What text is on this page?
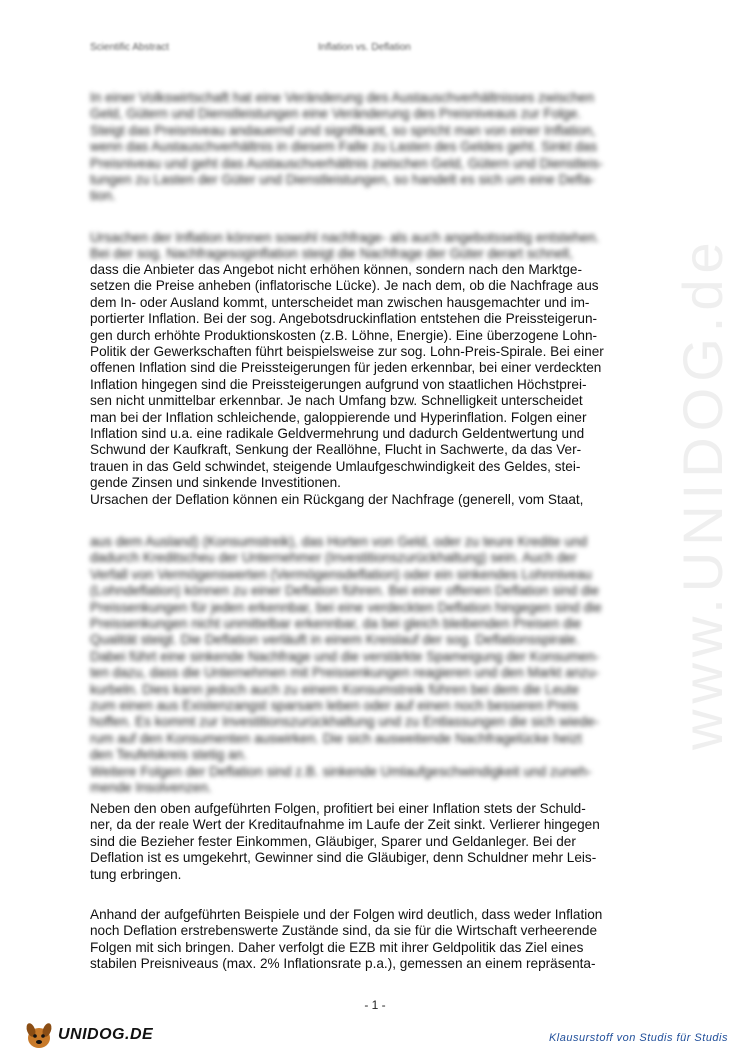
Scientific Abstract	Inflation vs. Deflation
www.UNIDOG.de
In einer Volkswirtschaft hat eine Veränderung des Austauschverhältnisses zwischen
Geld, Gütern und Dienstleistungen eine Veränderung des Preisniveaus zur Folge.
Steigt das Preisniveau andauernd und signifikant, so spricht man von einer Inflation,
wenn das Austauschverhältnis in diesem Falle zu Lasten des Geldes geht. Sinkt das
Preisniveau und geht das Austauschverhältnis zwischen Geld, Gütern und Dienstleis-
tungen zu Lasten der Güter und Dienstleistungen, so handelt es sich um eine Defla-
tion.
Ursachen der Inflation können sowohl nachfrage- als auch angebotsseitig entstehen.
Bei der sog. Nachfragesoginflation steigt die Nachfrage der Güter derart schnell,
dass die Anbieter das Angebot nicht erhöhen können, sondern nach den Marktge-
setzen die Preise anheben (inflatorische Lücke). Je nach dem, ob die Nachfrage aus
dem In- oder Ausland kommt, unterscheidet man zwischen hausgemachter und im-
portierter Inflation. Bei der sog. Angebotsdruckinflation entstehen die Preissteigerun-
gen durch erhöhte Produktionskosten (z.B. Löhne, Energie). Eine überzogene Lohn-
Politik der Gewerkschaften führt beispielsweise zur sog. Lohn-Preis-Spirale. Bei einer
offenen Inflation sind die Preissteigerungen für jeden erkennbar, bei einer verdeckten
Inflation hingegen sind die Preissteigerungen aufgrund von staatlichen Höchstprei-
sen nicht unmittelbar erkennbar. Je nach Umfang bzw. Schnelligkeit unterscheidet
man bei der Inflation schleichende, galoppierende und Hyperinflation. Folgen einer
Inflation sind u.a. eine radikale Geldvermehrung und dadurch Geldentwertung und
Schwund der Kaufkraft, Senkung der Reallöhne, Flucht in Sachwerte, da das Ver-
trauen in das Geld schwindet, steigende Umlaufgeschwindigkeit des Geldes, stei-
gende Zinsen und sinkende Investitionen.
Ursachen der Deflation können ein Rückgang der Nachfrage (generell, vom Staat,
aus dem Ausland) (Konsumstreik), das Horten von Geld, oder zu teure Kredite und
dadurch Kreditscheu der Unternehmer (Investitionszurückhaltung) sein. Auch der
Verfall von Vermögenswerten (Vermögensdeflation) oder ein sinkendes Lohnniveau
(Lohndeflation) können zu einer Deflation führen. Bei einer offenen Deflation sind die
Preissenkungen für jeden erkennbar, bei eine verdeckten Deflation hingegen sind die
Preissenkungen nicht unmittelbar erkennbar, da bei gleich bleibenden Preisen die
Qualität steigt. Die Deflation verläuft in einem Kreislauf der sog. Deflationsspirale.
Dabei führt eine sinkende Nachfrage und die verstärkte Spameigung der Konsumen-
ten dazu, dass die Unternehmen mit Preissenkungen reagieren und den Markt anzu-
kurbeln. Dies kann jedoch auch zu einem Konsumstreik führen bei dem die Leute
zum einen aus Existenzangst sparsam leben oder auf einen noch besseren Preis
hoffen. Es kommt zur Investitionszurückhaltung und zu Entlassungen die sich wiede-
rum auf den Konsumenten auswirken. Die sich ausweitende Nachfragelücke heizt
den Teufelskreis stetig an.
Weitere Folgen der Deflation sind z.B. sinkende Umlaufgeschwindigkeit und zuneh-
mende Insolvenzen.
Neben den oben aufgeführten Folgen, profitiert bei einer Inflation stets der Schuld-
ner, da der reale Wert der Kreditaufnahme im Laufe der Zeit sinkt. Verlierer hingegen
sind die Bezieher fester Einkommen, Gläubiger, Sparer und Geldanleger. Bei der
Deflation ist es umgekehrt, Gewinner sind die Gläubiger, denn Schuldner mehr Leis-
tung erbringen.
Anhand der aufgeführten Beispiele und der Folgen wird deutlich, dass weder Inflation
noch Deflation erstrebenswerte Zustände sind, da sie für die Wirtschaft verheerende
Folgen mit sich bringen. Daher verfolgt die EZB mit ihrer Geldpolitik das Ziel eines
stabilen Preisniveaus (max. 2% Inflationsrate p.a.), gemessen an einem repräsenta-
- 1 -
UNIDOG.DE	Klausurstoff von Studis für Studis
